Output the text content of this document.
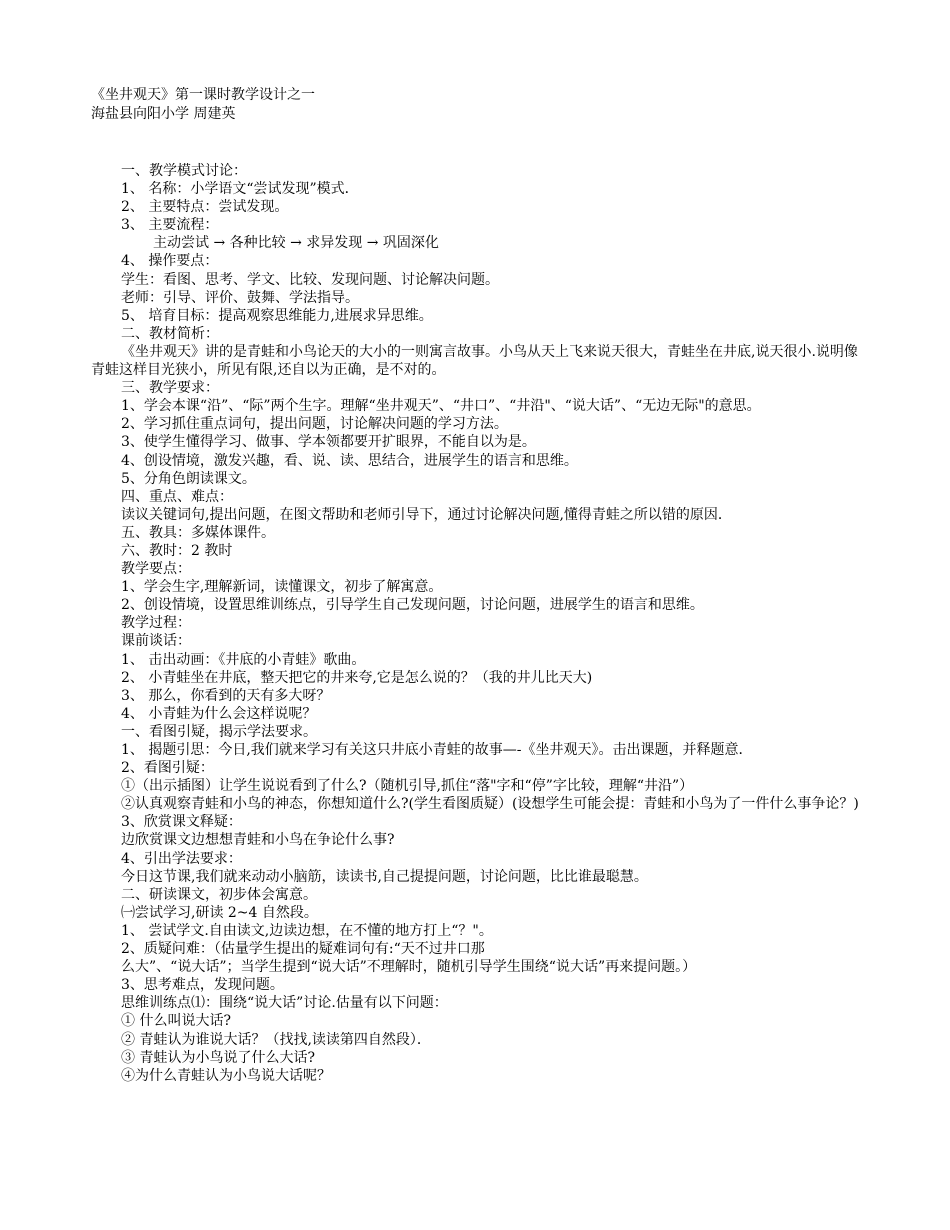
《坐井观天》第一课时教学设计之一
海盐县向阳小学 周建英
一、教学模式讨论：
1、 名称：小学语文“尝试发现”模式．
2、 主要特点：尝试发现。
3、 主要流程：
主动尝试 → 各种比较 → 求异发现 → 巩固深化
4、 操作要点：
学生：看图、思考、学文、比较、发现问题、讨论解决问题。
老师：引导、评价、鼓舞、学法指导。
5、 培育目标：提高观察思维能力,进展求异思维。
二、教材简析：
《坐井观天》讲的是青蛙和小鸟论天的大小的一则寓言故事。小鸟从天上飞来说天很大，青蛙坐在井底,说天很小.说明像青蛙这样目光狭小，所见有限,还自以为正确，是不对的。
三、教学要求：
1、学会本课“沿”、“际”两个生字。理解“坐井观天”、“井口”、“井沿"、“说大话”、“无边无际"的意思。
2、学习抓住重点词句，提出问题，讨论解决问题的学习方法。
3、使学生懂得学习、做事、学本领都要开扩眼界，不能自以为是。
4、创设情境，激发兴趣，看、说、读、思结合，进展学生的语言和思维。
5、分角色朗读课文。
四、重点、难点：
读议关键词句,提出问题，在图文帮助和老师引导下，通过讨论解决问题,懂得青蛙之所以错的原因．
五、教具：多媒体课件。
六、教时：2 教时
教学要点：
1、学会生字,理解新词，读懂课文，初步了解寓意。
2、创设情境，设置思维训练点，引导学生自己发现问题，讨论问题，进展学生的语言和思维。
教学过程：
课前谈话：
1、 击出动画：《井底的小青蛙》歌曲。
2、 小青蛙坐在井底，整天把它的井来夸,它是怎么说的？（我的井儿比天大)
3、 那么，你看到的天有多大呀？
4、 小青蛙为什么会这样说呢？
一、看图引疑，揭示学法要求。
1、 揭题引思：今日,我们就来学习有关这只井底小青蛙的故事—-《坐井观天》。击出课题，并释题意．
2、看图引疑：
①（出示插图）让学生说说看到了什么?（随机引导,抓住“落"字和“停”字比较，理解“井沿”）
②认真观察青蛙和小鸟的神态，你想知道什么?(学生看图质疑）(设想学生可能会提：青蛙和小鸟为了一件什么事争论？)
3、欣赏课文释疑：
边欣赏课文边想想青蛙和小鸟在争论什么事?
4、引出学法要求：
今日这节课,我们就来动动小脑筋，读读书,自己提提问题，讨论问题，比比谁最聪慧。
二、研读课文，初步体会寓意。
㈠尝试学习,研读 2~4 自然段。
1、 尝试学文.自由读文,边读边想，在不懂的地方打上“？"。
2、质疑问难：（估量学生提出的疑难词句有:“天不过井口那
么大”、“说大话”；当学生提到“说大话”不理解时，随机引导学生围绕“说大话”再来提问题。）
3、思考难点，发现问题。
思维训练点⑴：围绕“说大话”讨论.估量有以下问题：
① 什么叫说大话?
② 青蛙认为谁说大话？（找找,读读第四自然段）．
③ 青蛙认为小鸟说了什么大话?
④为什么青蛙认为小鸟说大话呢？
